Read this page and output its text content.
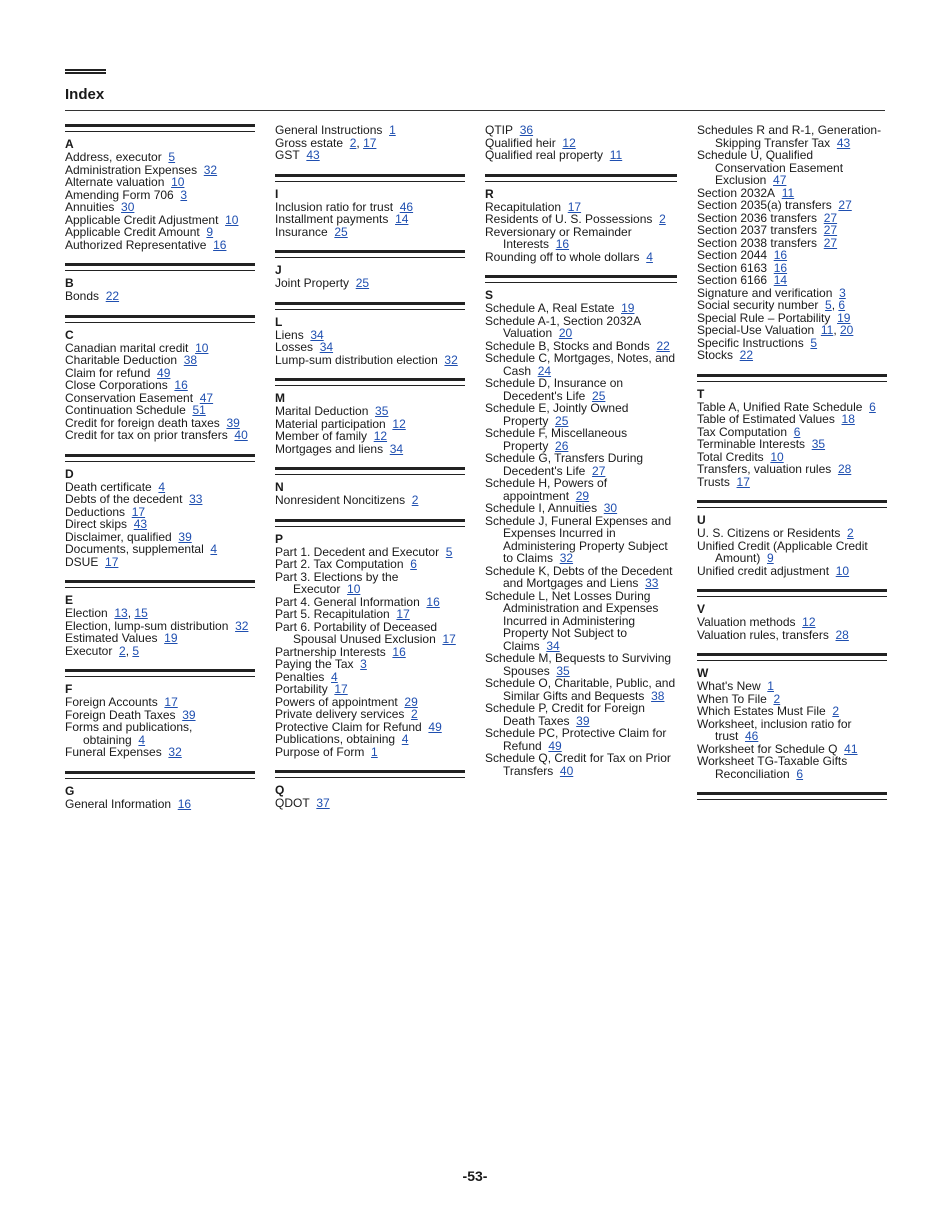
Index
A
Address, executor 5
Administration Expenses 32
Alternate valuation 10
Amending Form 706 3
Annuities 30
Applicable Credit Adjustment 10
Applicable Credit Amount 9
Authorized Representative 16
B
Bonds 22
C
Canadian marital credit 10
Charitable Deduction 38
Claim for refund 49
Close Corporations 16
Conservation Easement 47
Continuation Schedule 51
Credit for foreign death taxes 39
Credit for tax on prior transfers 40
D
Death certificate 4
Debts of the decedent 33
Deductions 17
Direct skips 43
Disclaimer, qualified 39
Documents, supplemental 4
DSUE 17
E
Election 13, 15
Election, lump-sum distribution 32
Estimated Values 19
Executor 2, 5
F
Foreign Accounts 17
Foreign Death Taxes 39
Forms and publications, obtaining 4
Funeral Expenses 32
G
General Information 16
General Instructions 1
Gross estate 2, 17
GST 43
I
Inclusion ratio for trust 46
Installment payments 14
Insurance 25
J
Joint Property 25
L
Liens 34
Losses 34
Lump-sum distribution election 32
M
Marital Deduction 35
Material participation 12
Member of family 12
Mortgages and liens 34
N
Nonresident Noncitizens 2
P
Part 1. Decedent and Executor 5
Part 2. Tax Computation 6
Part 3. Elections by the Executor 10
Part 4. General Information 16
Part 5. Recapitulation 17
Part 6. Portability of Deceased Spousal Unused Exclusion 17
Partnership Interests 16
Paying the Tax 3
Penalties 4
Portability 17
Powers of appointment 29
Private delivery services 2
Protective Claim for Refund 49
Publications, obtaining 4
Purpose of Form 1
Q
QDOT 37
QTIP 36
Qualified heir 12
Qualified real property 11
R
Recapitulation 17
Residents of U. S. Possessions 2
Reversionary or Remainder Interests 16
Rounding off to whole dollars 4
S
Schedule A, Real Estate 19
Schedule A-1, Section 2032A Valuation 20
Schedule B, Stocks and Bonds 22
Schedule C, Mortgages, Notes, and Cash 24
Schedule D, Insurance on Decedent's Life 25
Schedule E, Jointly Owned Property 25
Schedule F, Miscellaneous Property 26
Schedule G, Transfers During Decedent's Life 27
Schedule H, Powers of appointment 29
Schedule I, Annuities 30
Schedule J, Funeral Expenses and Expenses Incurred in Administering Property Subject to Claims 32
Schedule K, Debts of the Decedent and Mortgages and Liens 33
Schedule L, Net Losses During Administration and Expenses Incurred in Administering Property Not Subject to Claims 34
Schedule M, Bequests to Surviving Spouses 35
Schedule O, Charitable, Public, and Similar Gifts and Bequests 38
Schedule P, Credit for Foreign Death Taxes 39
Schedule PC, Protective Claim for Refund 49
Schedule Q, Credit for Tax on Prior Transfers 40
Schedules R and R-1, Generation-Skipping Transfer Tax 43
Schedule U, Qualified Conservation Easement Exclusion 47
Section 2032A 11
Section 2035(a) transfers 27
Section 2036 transfers 27
Section 2037 transfers 27
Section 2038 transfers 27
Section 2044 16
Section 6163 16
Section 6166 14
Signature and verification 3
Social security number 5, 6
Special Rule – Portability 19
Special-Use Valuation 11, 20
Specific Instructions 5
Stocks 22
T
Table A, Unified Rate Schedule 6
Table of Estimated Values 18
Tax Computation 6
Terminable Interests 35
Total Credits 10
Transfers, valuation rules 28
Trusts 17
U
U. S. Citizens or Residents 2
Unified Credit (Applicable Credit Amount) 9
Unified credit adjustment 10
V
Valuation methods 12
Valuation rules, transfers 28
W
What's New 1
When To File 2
Which Estates Must File 2
Worksheet, inclusion ratio for trust 46
Worksheet for Schedule Q 41
Worksheet TG-Taxable Gifts Reconciliation 6
-53-
